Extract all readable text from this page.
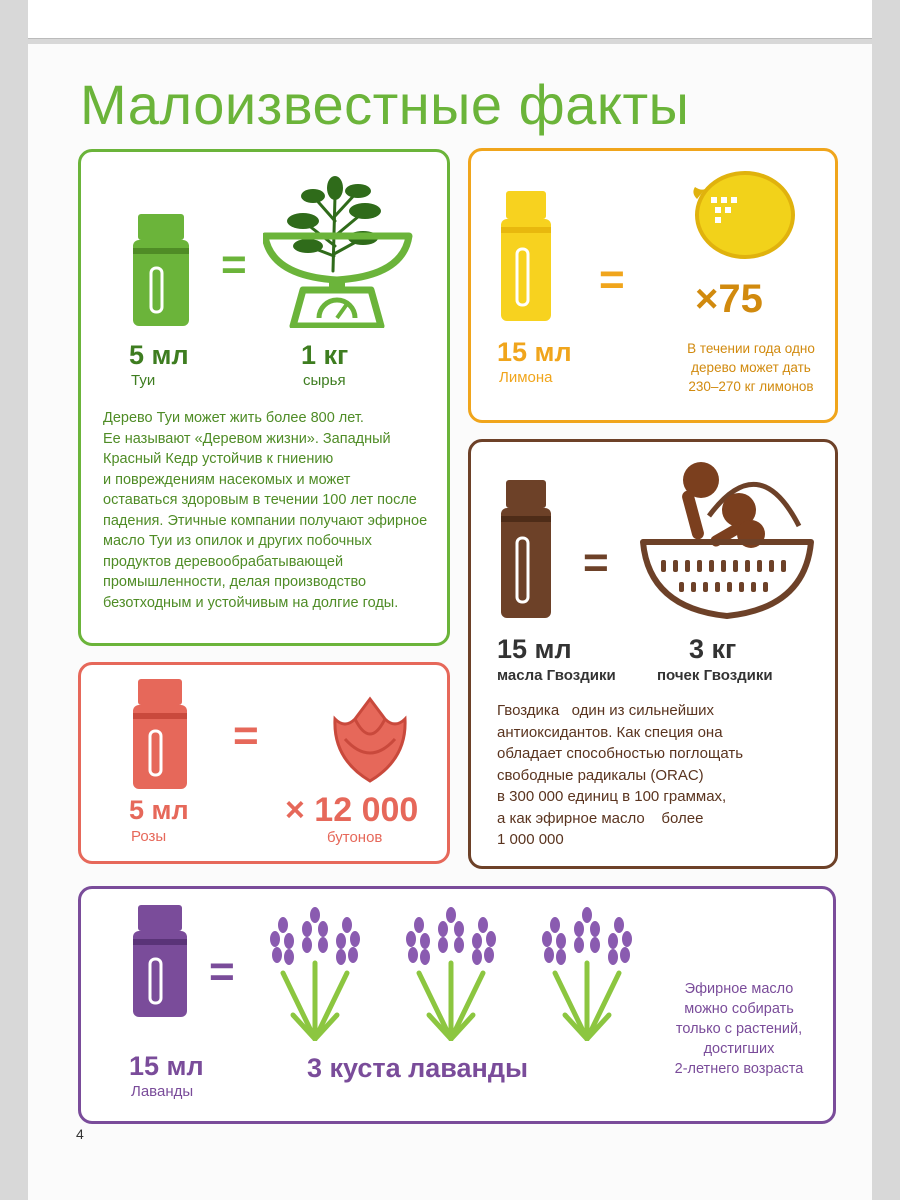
Малоизвестные факты
=
5 мл
Туи
1 кг
сырья
Дерево Туи может жить более 800 лет.
Ее называют «Деревом жизни». Западный
Красный Кедр устойчив к гниению
и повреждениям насекомых и может
оставаться здоровым в течении 100 лет после
падения. Этичные компании получают эфирное
масло Туи из опилок и других побочных
продуктов деревообрабатывающей
промышленности, делая производство
безотходным и устойчивым на долгие годы.
= ×75
15 мл
Лимона
В течении года одно
дерево может дать
230–270 кг лимонов
=
15 мл
масла Гвоздики
3 кг
почек Гвоздики
Гвоздика   один из сильнейших
антиоксидантов. Как специя она
обладает способностью поглощать
свободные радикалы (ORAC)
в 300 000 единиц в 100 граммах,
а как эфирное масло    более
1 000 000
=
5 мл
Розы
× 12 000
бутонов
=
15 мл
Лаванды
3 куста лаванды
Эфирное масло
можно собирать
только с растений,
достигших
2-летнего возраста
4
